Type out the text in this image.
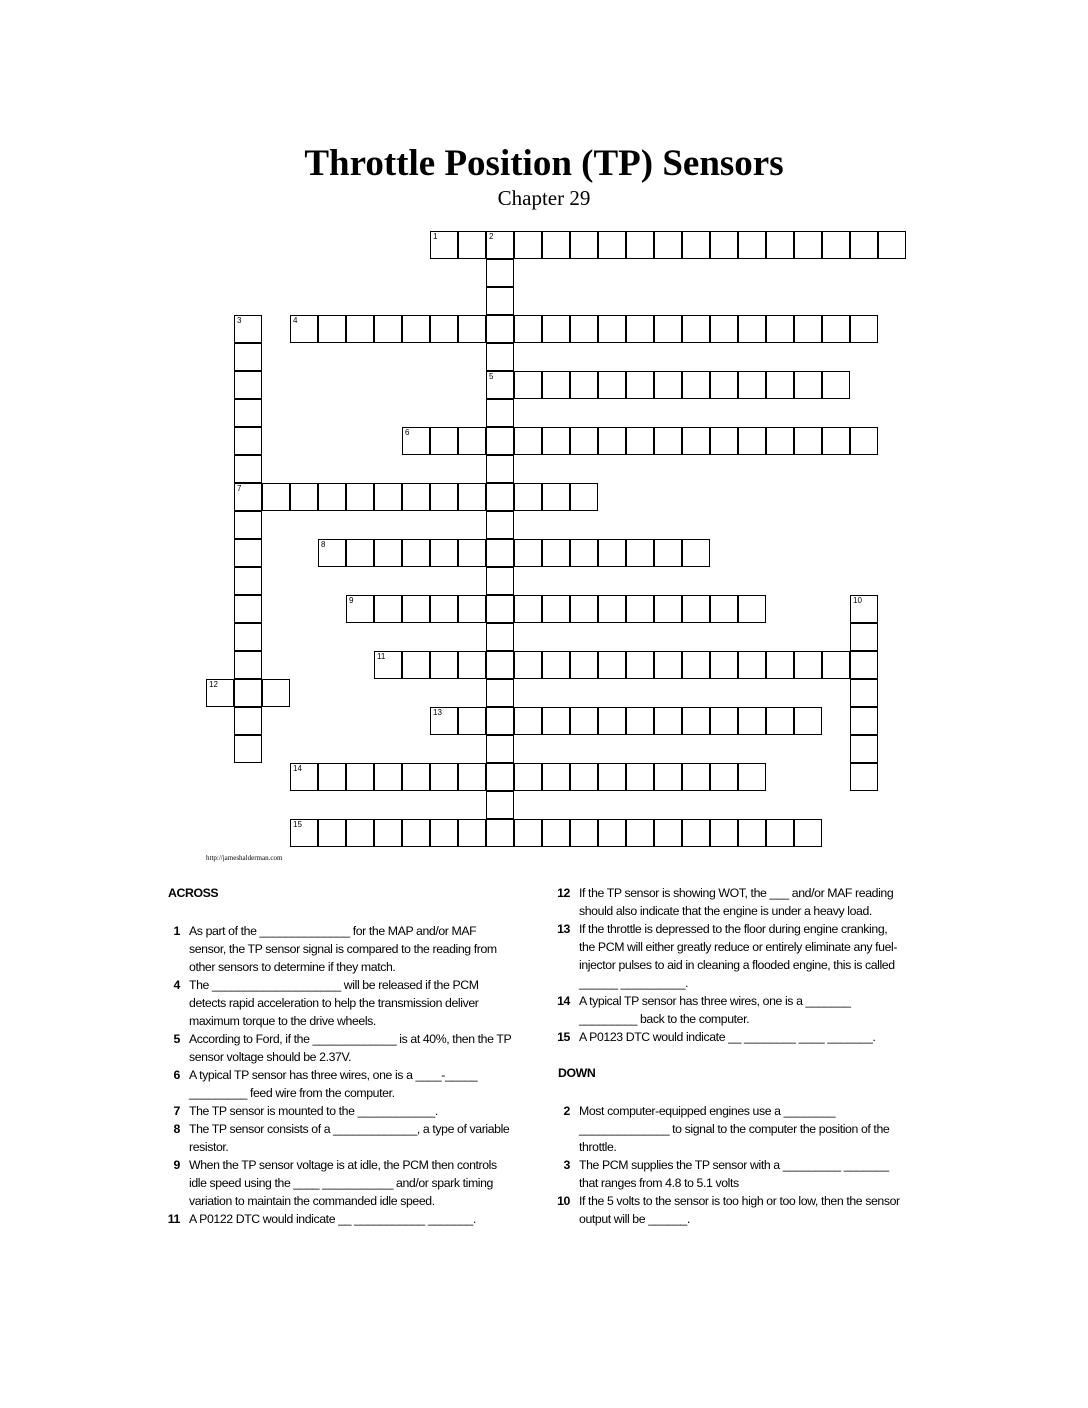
Throttle Position (TP) Sensors
Chapter 29
1	2
5
3
7
4
6
8
9	10
11
12
13
14
15
http://jameshalderman.com
ACROSS
1 As part of the ______________ for the MAP and/or MAF sensor, the TP sensor signal is compared to the reading from other sensors to determine if they match.
4 The ____________________ will be released if the PCM detects rapid acceleration to help the transmission deliver maximum torque to the drive wheels.
5 According to Ford, if the _____________ is at 40%, then the TP sensor voltage should be 2.37V.
6 A typical TP sensor has three wires, one is a ____-_____ _________ feed wire from the computer.
7 The TP sensor is mounted to the ____________.
8 The TP sensor consists of a _____________, a type of variable resistor.
9 When the TP sensor voltage is at idle, the PCM then controls idle speed using the ____ ___________ and/or spark timing variation to maintain the commanded idle speed.
11 A P0122 DTC would indicate __ ___________ _______.
12 If the TP sensor is showing WOT, the ___ and/or MAF reading should also indicate that the engine is under a heavy load.
13 If the throttle is depressed to the floor during engine cranking, the PCM will either greatly reduce or entirely eliminate any fuel-injector pulses to aid in cleaning a flooded engine, this is called ______ __________.
14 A typical TP sensor has three wires, one is a _______ _________ back to the computer.
15 A P0123 DTC would indicate __ ________ ____ _______.
DOWN
2 Most computer-equipped engines use a ________ ______________ to signal to the computer the position of the throttle.
3 The PCM supplies the TP sensor with a _________ _______ that ranges from 4.8 to 5.1 volts
10 If the 5 volts to the sensor is too high or too low, then the sensor output will be ______.
